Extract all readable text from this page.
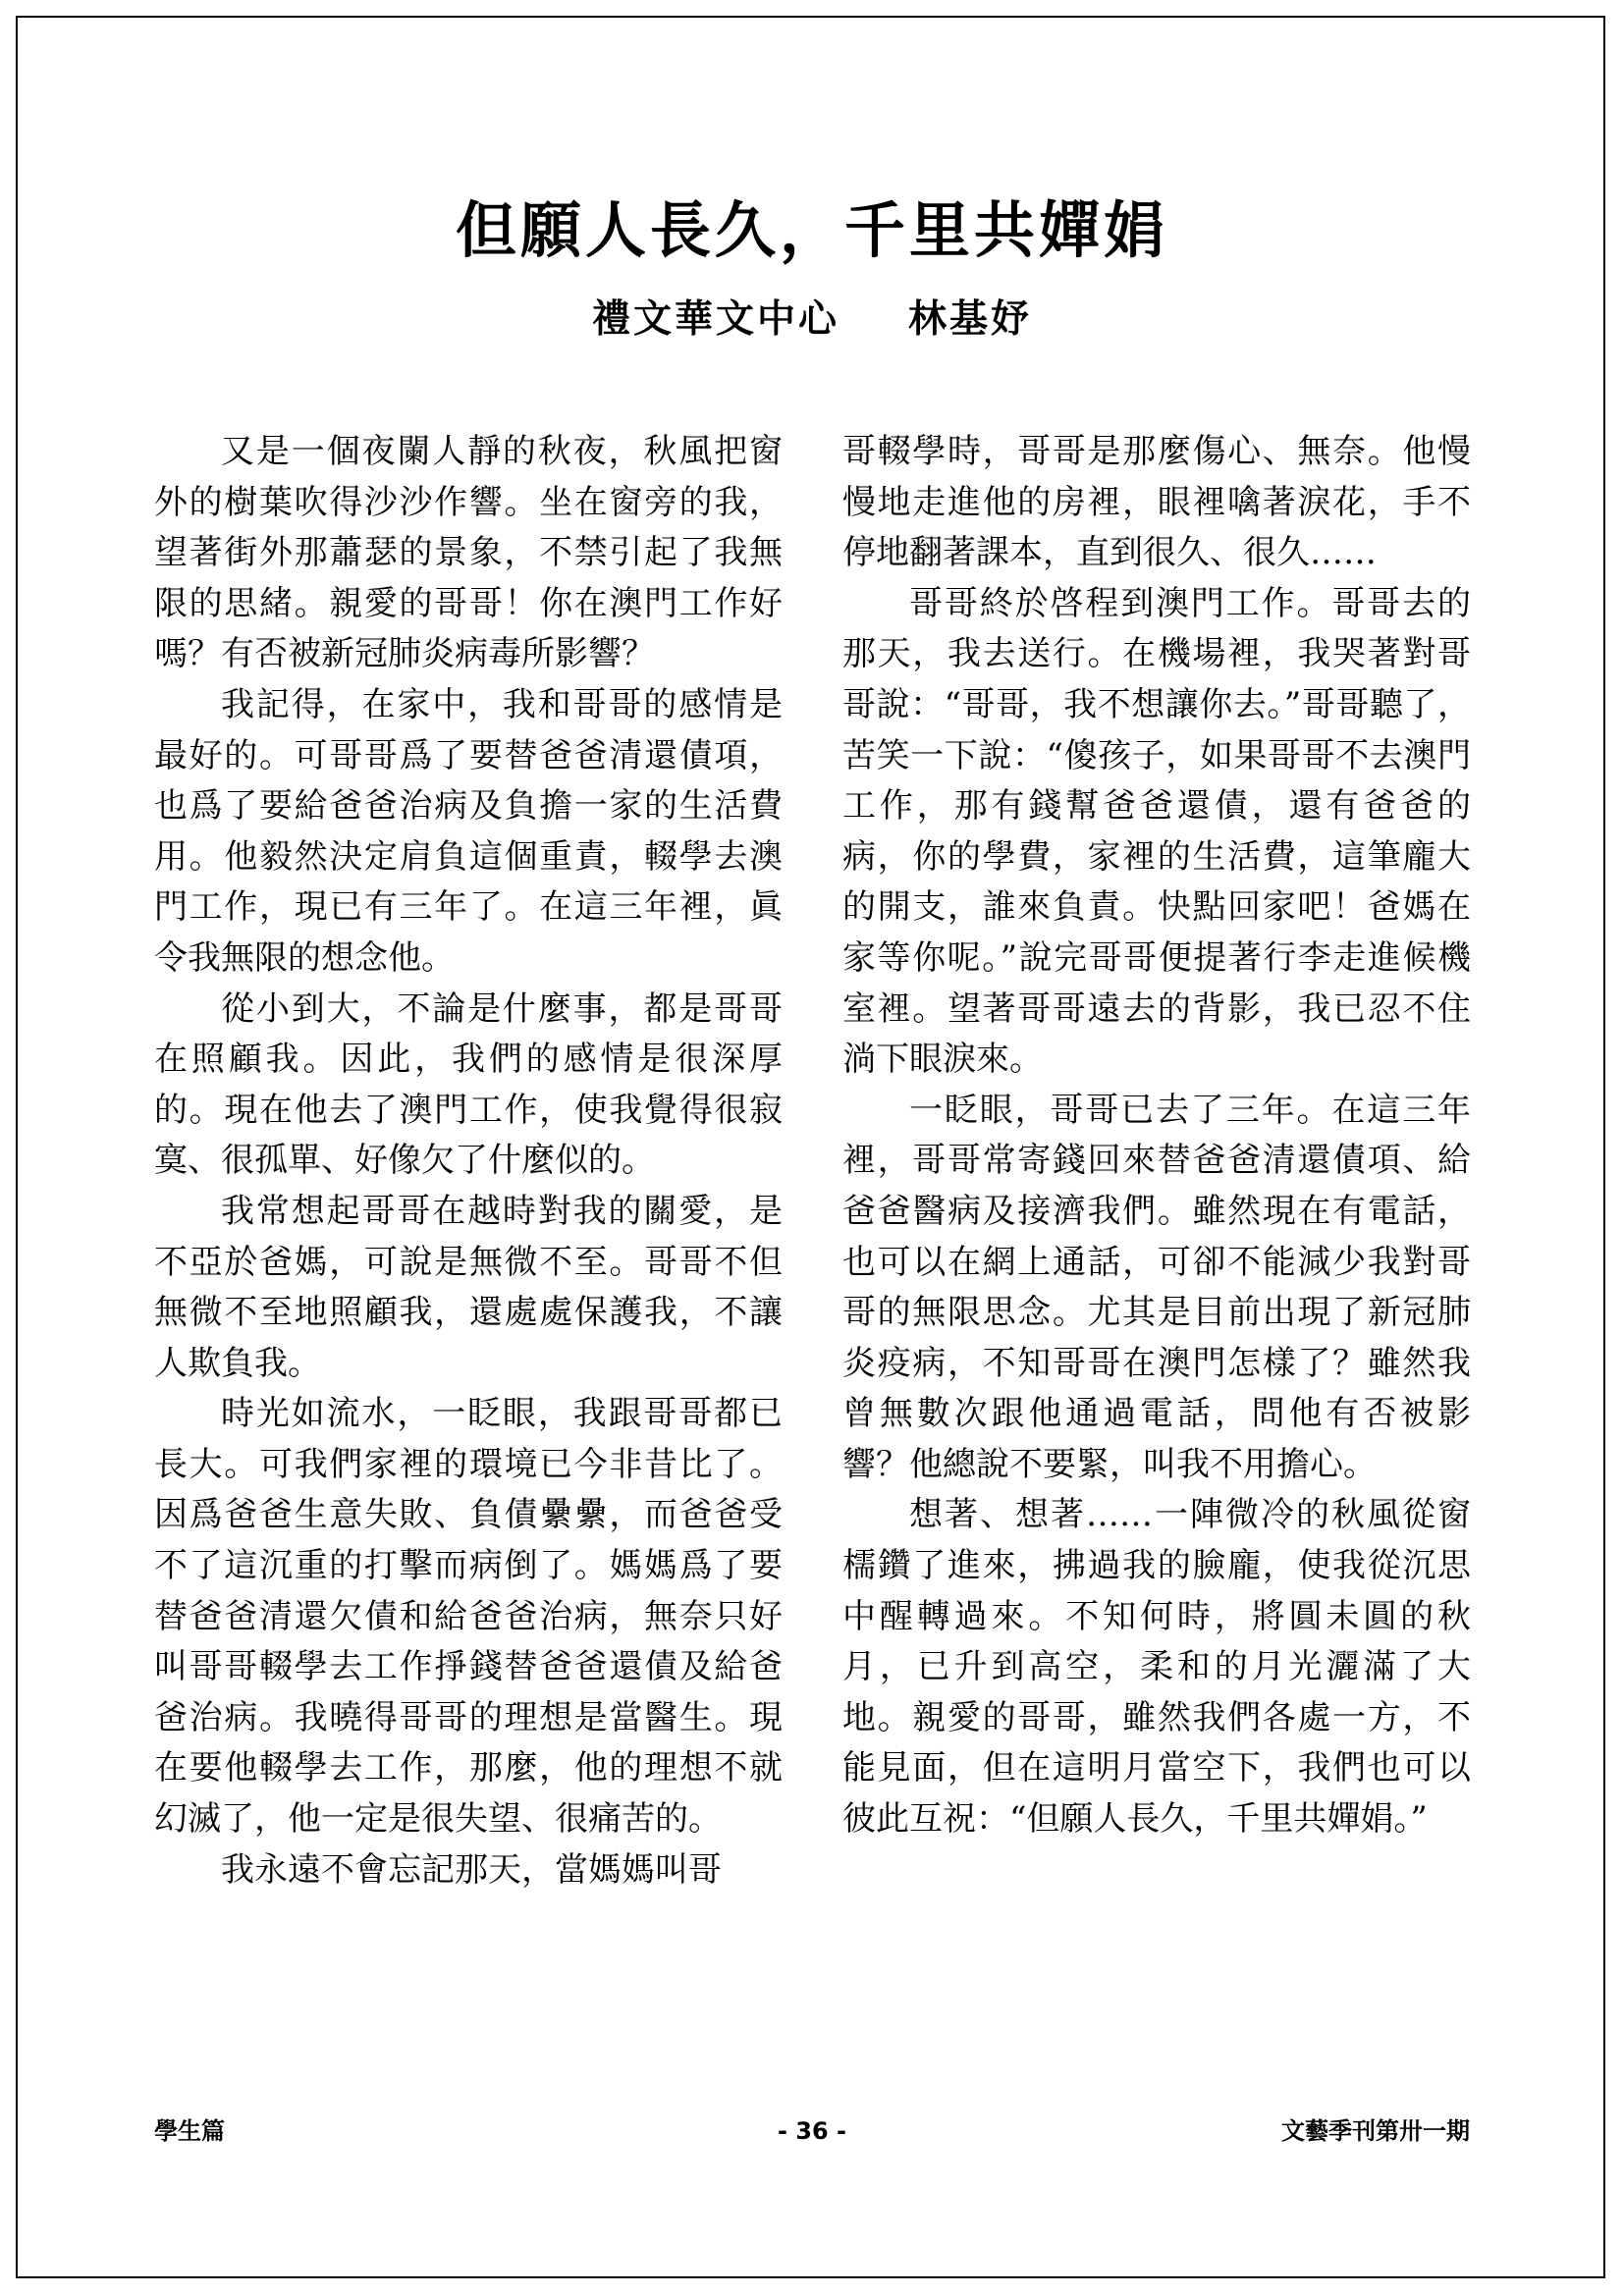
但願人長久，千里共嬋娟
禮文華文中心 林基妤

又是一個夜闌人靜的秋夜，秋風把窗外的樹葉吹得沙沙作響。坐在窗旁的我，望著街外那蕭瑟的景象，不禁引起了我無限的思緒。親愛的哥哥！你在澳門工作好嗎？有否被新冠肺炎病毒所影響？

我記得，在家中，我和哥哥的感情是最好的。可哥哥爲了要替爸爸清還債項，也爲了要給爸爸治病及負擔一家的生活費用。他毅然決定肩負這個重責，輟學去澳門工作，現已有三年了。在這三年裡，眞令我無限的想念他。

從小到大，不論是什麼事，都是哥哥在照顧我。因此，我們的感情是很深厚的。現在他去了澳門工作，使我覺得很寂寞、很孤單、好像欠了什麼似的。

我常想起哥哥在越時對我的關愛，是不亞於爸媽，可說是無微不至。哥哥不但無微不至地照顧我，還處處保護我，不讓人欺負我。

時光如流水，一眨眼，我跟哥哥都已長大。可我們家裡的環境已今非昔比了。因爲爸爸生意失敗、負債纍纍，而爸爸受不了這沉重的打擊而病倒了。媽媽爲了要替爸爸清還欠債和給爸爸治病，無奈只好叫哥哥輟學去工作掙錢替爸爸還債及給爸爸治病。我曉得哥哥的理想是當醫生。現在要他輟學去工作，那麼，他的理想不就幻滅了，他一定是很失望、很痛苦的。

我永遠不會忘記那天，當媽媽叫哥

哥輟學時，哥哥是那麼傷心、無奈。他慢慢地走進他的房裡，眼裡噙著淚花，手不停地翻著課本，直到很久、很久……

哥哥終於啓程到澳門工作。哥哥去的那天，我去送行。在機場裡，我哭著對哥哥說：“哥哥，我不想讓你去。”哥哥聽了，苦笑一下說：“傻孩子，如果哥哥不去澳門工作，那有錢幫爸爸還債，還有爸爸的病，你的學費，家裡的生活費，這筆龐大的開支，誰來負責。快點回家吧！爸媽在家等你呢。”說完哥哥便提著行李走進候機室裡。望著哥哥遠去的背影，我已忍不住淌下眼淚來。

一眨眼，哥哥已去了三年。在這三年裡，哥哥常寄錢回來替爸爸清還債項、給爸爸醫病及接濟我們。雖然現在有電話，也可以在網上通話，可卻不能減少我對哥哥的無限思念。尤其是目前出現了新冠肺炎疫病，不知哥哥在澳門怎樣了？雖然我曾無數次跟他通過電話，問他有否被影響？他總說不要緊，叫我不用擔心。

想著、想著……一陣微冷的秋風從窗檽鑽了進來，拂過我的臉龐，使我從沉思中醒轉過來。不知何時，將圓未圓的秋月，已升到高空，柔和的月光灑滿了大地。親愛的哥哥，雖然我們各處一方，不能見面，但在這明月當空下，我們也可以彼此互祝：“但願人長久，千里共嬋娟。”

學生篇	- 36 -	文藝季刊第卅一期
